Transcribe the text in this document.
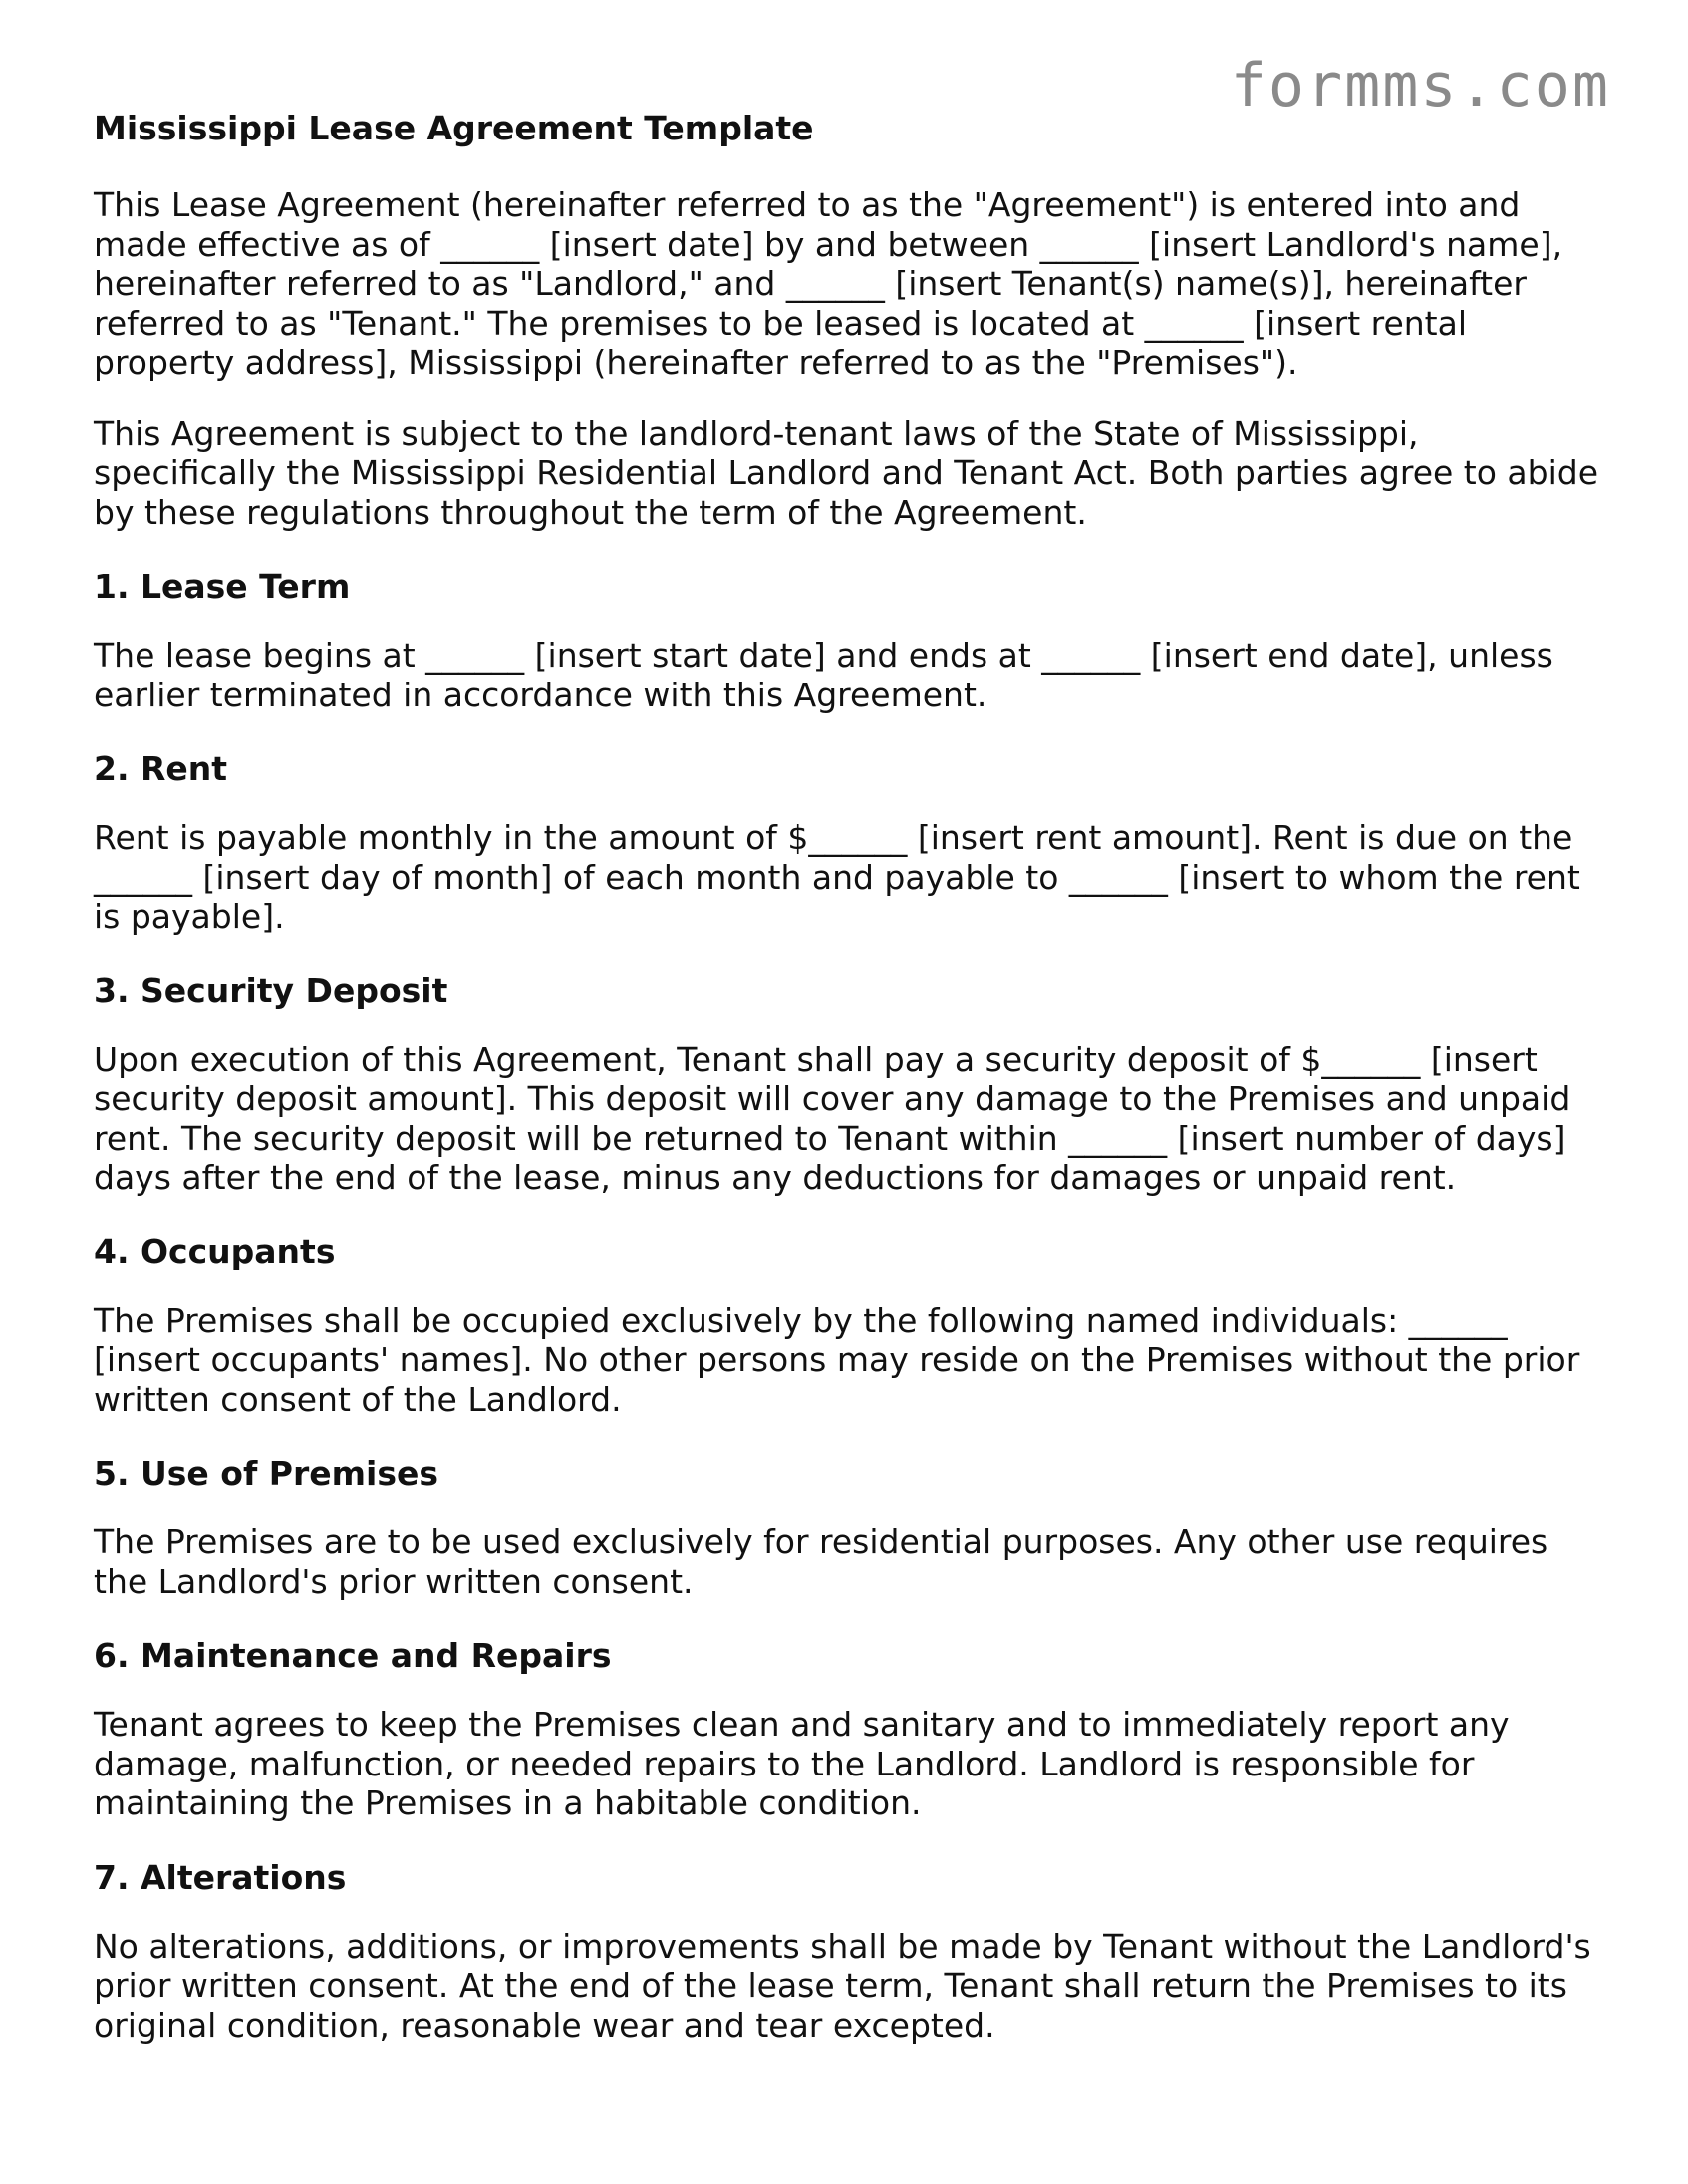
formms.com
Mississippi Lease Agreement Template

This Lease Agreement (hereinafter referred to as the "Agreement") is entered into and made effective as of ______ [insert date] by and between ______ [insert Landlord's name], hereinafter referred to as "Landlord," and ______ [insert Tenant(s) name(s)], hereinafter referred to as "Tenant." The premises to be leased is located at ______ [insert rental property address], Mississippi (hereinafter referred to as the "Premises").

This Agreement is subject to the landlord-tenant laws of the State of Mississippi, specifically the Mississippi Residential Landlord and Tenant Act. Both parties agree to abide by these regulations throughout the term of the Agreement.

1. Lease Term

The lease begins at ______ [insert start date] and ends at ______ [insert end date], unless earlier terminated in accordance with this Agreement.

2. Rent

Rent is payable monthly in the amount of $______ [insert rent amount]. Rent is due on the ______ [insert day of month] of each month and payable to ______ [insert to whom the rent is payable].

3. Security Deposit

Upon execution of this Agreement, Tenant shall pay a security deposit of $______ [insert security deposit amount]. This deposit will cover any damage to the Premises and unpaid rent. The security deposit will be returned to Tenant within ______ [insert number of days] days after the end of the lease, minus any deductions for damages or unpaid rent.

4. Occupants

The Premises shall be occupied exclusively by the following named individuals: ______ [insert occupants' names]. No other persons may reside on the Premises without the prior written consent of the Landlord.

5. Use of Premises

The Premises are to be used exclusively for residential purposes. Any other use requires the Landlord's prior written consent.

6. Maintenance and Repairs

Tenant agrees to keep the Premises clean and sanitary and to immediately report any damage, malfunction, or needed repairs to the Landlord. Landlord is responsible for maintaining the Premises in a habitable condition.

7. Alterations

No alterations, additions, or improvements shall be made by Tenant without the Landlord's prior written consent. At the end of the lease term, Tenant shall return the Premises to its original condition, reasonable wear and tear excepted.
